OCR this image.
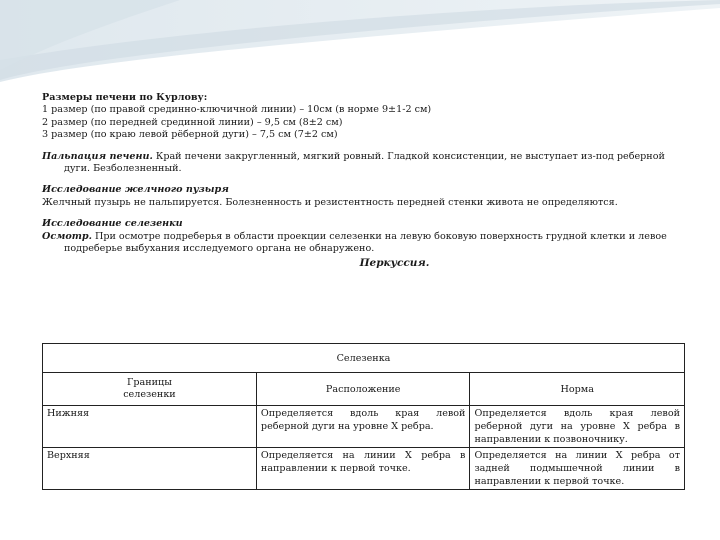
Размеры печени по Курлову:
1 размер (по правой срединно-ключичной линии) – 10см (в норме 9±1-2 см)
2 размер (по передней срединной линии) – 9,5 см (8±2 см)
3 размер (по краю левой рёберной дуги) – 7,5 см (7±2 см)
Пальпация печени. Край печени закругленный, мягкий ровный. Гладкой консистенции, не выступает из-под реберной дуги. Безболезненный.
Исследование желчного пузыря
Желчный пузырь не пальпируется. Болезненность и резистентность передней стенки живота не определяются.
Исследование селезенки
Осмотр. При осмотре подреберья в области проекции селезенки на левую боковую поверхность грудной клетки и левое подреберье выбухания исследуемого органа не обнаружено.
Перкуссия.
Селезенка		
Границы селезенки	Расположение	Норма
Нижняя	Определяется вдоль края левой реберной дуги на уровне X ребра.	Определяется вдоль края левой реберной дуги на уровне X ребра в направлении к позвоночнику.
Верхняя	Определяется на линии X ребра в направлении к первой точке.	Определяется на линии X ребра от задней подмышечной линии в направлении к первой точке.
